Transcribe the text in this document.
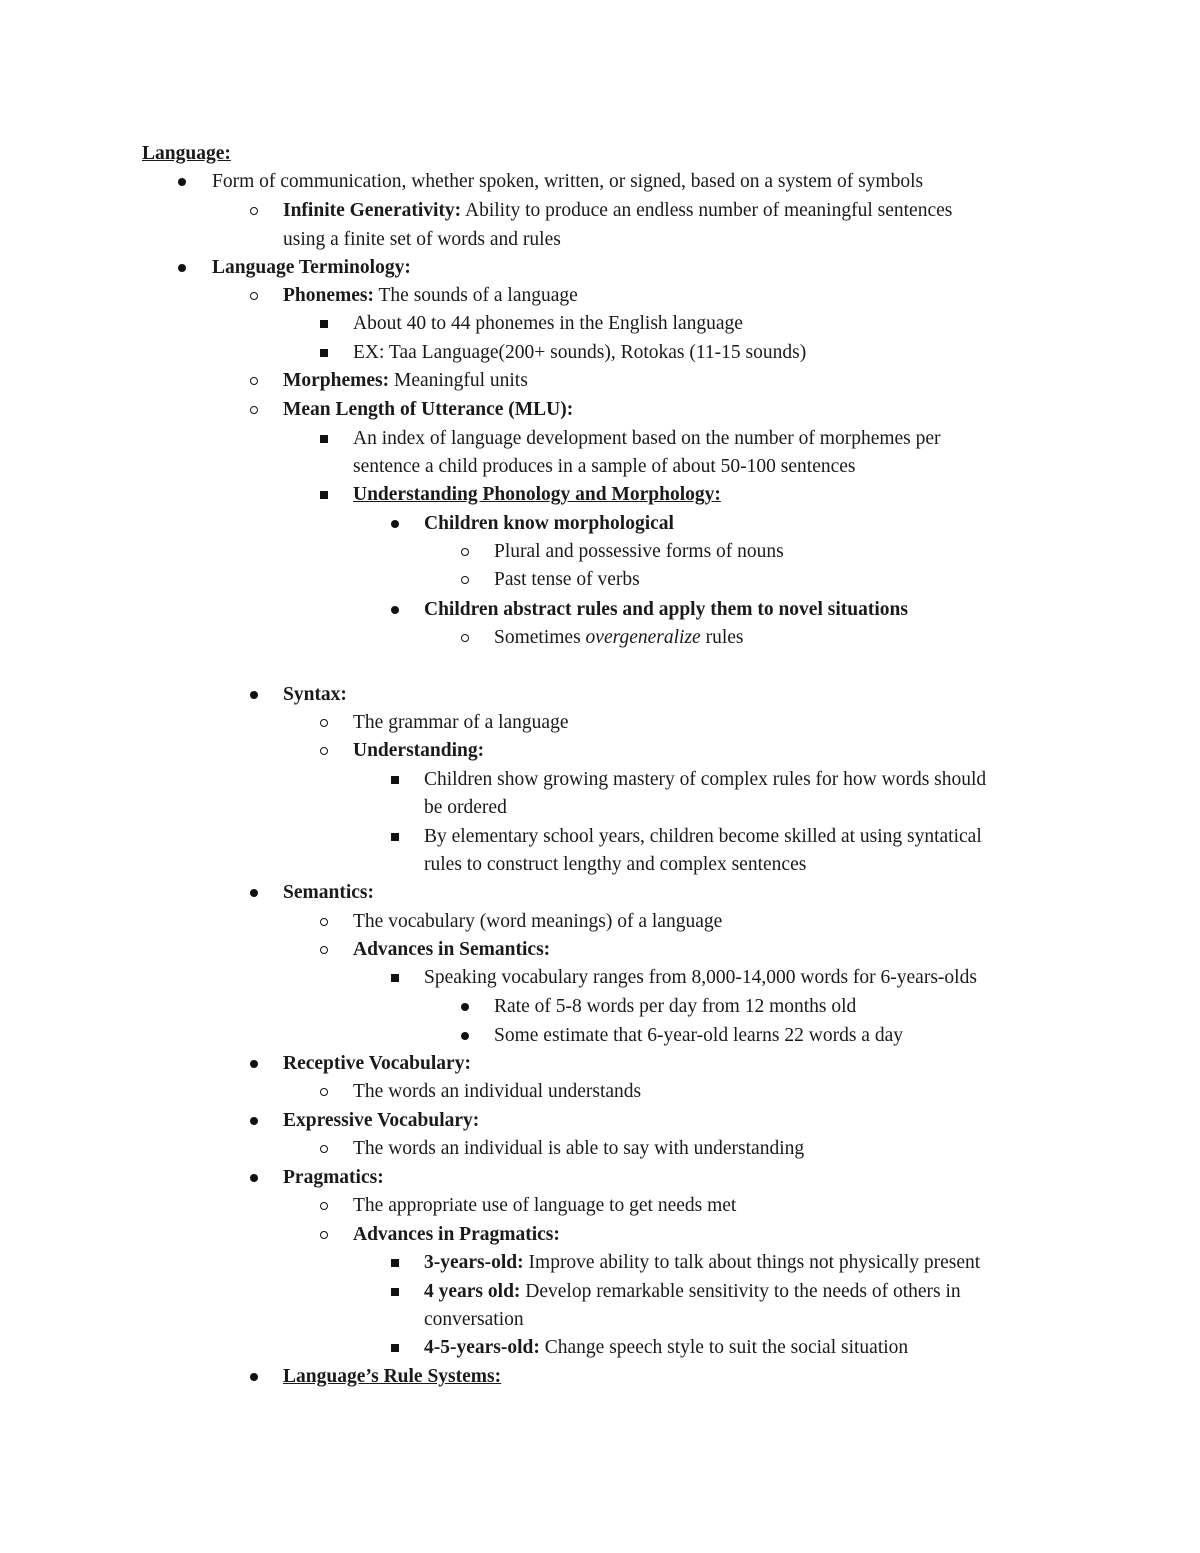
Language:
Form of communication, whether spoken, written, or signed, based on a system of symbols
Infinite Generativity: Ability to produce an endless number of meaningful sentences
using a finite set of words and rules
Language Terminology:
Phonemes: The sounds of a language
About 40 to 44 phonemes in the English language
EX: Taa Language(200+ sounds), Rotokas (11-15 sounds)
Morphemes: Meaningful units
Mean Length of Utterance (MLU):
An index of language development based on the number of morphemes per
sentence a child produces in a sample of about 50-100 sentences
Understanding Phonology and Morphology:
Children know morphological
Plural and possessive forms of nouns
Past tense of verbs
Children abstract rules and apply them to novel situations
Sometimes overgeneralize rules
Syntax:
The grammar of a language
Understanding:
Children show growing mastery of complex rules for how words should
be ordered
By elementary school years, children become skilled at using syntatical
rules to construct lengthy and complex sentences
Semantics:
The vocabulary (word meanings) of a language
Advances in Semantics:
Speaking vocabulary ranges from 8,000-14,000 words for 6-years-olds
Rate of 5-8 words per day from 12 months old
Some estimate that 6-year-old learns 22 words a day
Receptive Vocabulary:
The words an individual understands
Expressive Vocabulary:
The words an individual is able to say with understanding
Pragmatics:
The appropriate use of language to get needs met
Advances in Pragmatics:
3-years-old: Improve ability to talk about things not physically present
4 years old: Develop remarkable sensitivity to the needs of others in
conversation
4-5-years-old: Change speech style to suit the social situation
Language’s Rule Systems:
